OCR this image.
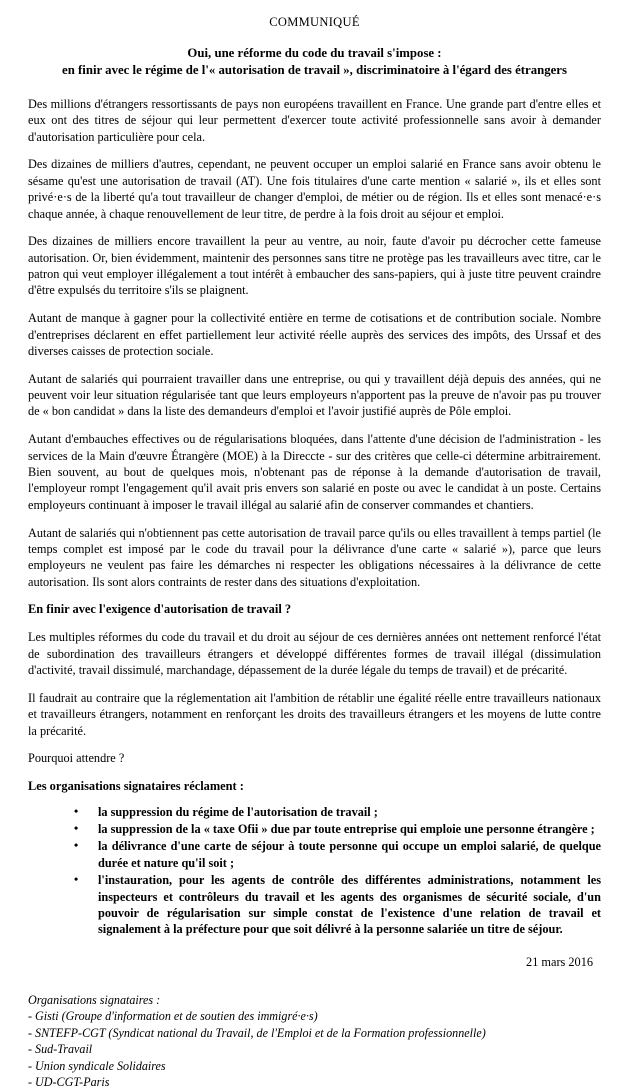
COMMUNIQUÉ
Oui, une réforme du code du travail s'impose :
en finir avec le régime de l'« autorisation de travail », discriminatoire à l'égard des étrangers

Des millions d'étrangers ressortissants de pays non européens travaillent en France. Une grande part d'entre elles et eux ont des titres de séjour qui leur permettent d'exercer toute activité professionnelle sans avoir à demander d'autorisation particulière pour cela.

Des dizaines de milliers d'autres, cependant, ne peuvent occuper un emploi salarié en France sans avoir obtenu le sésame qu'est une autorisation de travail (AT). Une fois titulaires d'une carte mention « salarié », ils et elles sont privé·e·s de la liberté qu'a tout travailleur de changer d'emploi, de métier ou de région. Ils et elles sont menacé·e·s chaque année, à chaque renouvellement de leur titre, de perdre à la fois droit au séjour et emploi.

Des dizaines de milliers encore travaillent la peur au ventre, au noir, faute d'avoir pu décrocher cette fameuse autorisation. Or, bien évidemment, maintenir des personnes sans titre ne protège pas les travailleurs avec titre, car le patron qui veut employer illégalement a tout intérêt à embaucher des sans-papiers, qui à juste titre peuvent craindre d'être expulsés du territoire s'ils se plaignent.

Autant de manque à gagner pour la collectivité entière en terme de cotisations et de contribution sociale. Nombre d'entreprises déclarent en effet partiellement leur activité réelle auprès des services des impôts, des Urssaf et des diverses caisses de protection sociale.

Autant de salariés qui pourraient travailler dans une entreprise, ou qui y travaillent déjà depuis des années, qui ne peuvent voir leur situation régularisée tant que leurs employeurs n'apportent pas la preuve de n'avoir pas pu trouver de « bon candidat » dans la liste des demandeurs d'emploi et l'avoir justifié auprès de Pôle emploi.

Autant d'embauches effectives ou de régularisations bloquées, dans l'attente d'une décision de l'administration - les services de la Main d'œuvre Étrangère (MOE) à la Direccte - sur des critères que celle-ci détermine arbitrairement. Bien souvent, au bout de quelques mois, n'obtenant pas de réponse à la demande d'autorisation de travail, l'employeur rompt l'engagement qu'il avait pris envers son salarié en poste ou avec le candidat à un poste. Certains employeurs continuant à imposer le travail illégal au salarié afin de conserver commandes et chantiers.

Autant de salariés qui n'obtiennent pas cette autorisation de travail parce qu'ils ou elles travaillent à temps partiel (le temps complet est imposé par le code du travail pour la délivrance d'une carte « salarié »), parce que leurs employeurs ne veulent pas faire les démarches ni respecter les obligations nécessaires à la délivrance de cette autorisation. Ils sont alors contraints de rester dans des situations d'exploitation.

En finir avec l'exigence d'autorisation de travail ?

Les multiples réformes du code du travail et du droit au séjour de ces dernières années ont nettement renforcé l'état de subordination des travailleurs étrangers et développé différentes formes de travail illégal (dissimulation d'activité, travail dissimulé, marchandage, dépassement de la durée légale du temps de travail) et de précarité.

Il faudrait au contraire que la réglementation ait l'ambition de rétablir une égalité réelle entre travailleurs nationaux et travailleurs étrangers, notamment en renforçant les droits des travailleurs étrangers et les moyens de lutte contre la précarité.

Pourquoi attendre ?

Les organisations signataires réclament :
• la suppression du régime de l'autorisation de travail ;
• la suppression de la « taxe Ofii » due par toute entreprise qui emploie une personne étrangère ;
• la délivrance d'une carte de séjour à toute personne qui occupe un emploi salarié, de quelque durée et nature qu'il soit ;
• l'instauration, pour les agents de contrôle des différentes administrations, notamment les inspecteurs et contrôleurs du travail et les agents des organismes de sécurité sociale, d'un pouvoir de régularisation sur simple constat de l'existence d'une relation de travail et signalement à la préfecture pour que soit délivré à la personne salariée un titre de séjour.
21 mars 2016
Organisations signataires :
- Gisti (Groupe d'information et de soutien des immigré·e·s)
- SNTEFP-CGT (Syndicat national du Travail, de l'Emploi et de la Formation professionnelle)
- Sud-Travail
- Union syndicale Solidaires
- UD-CGT-Paris
